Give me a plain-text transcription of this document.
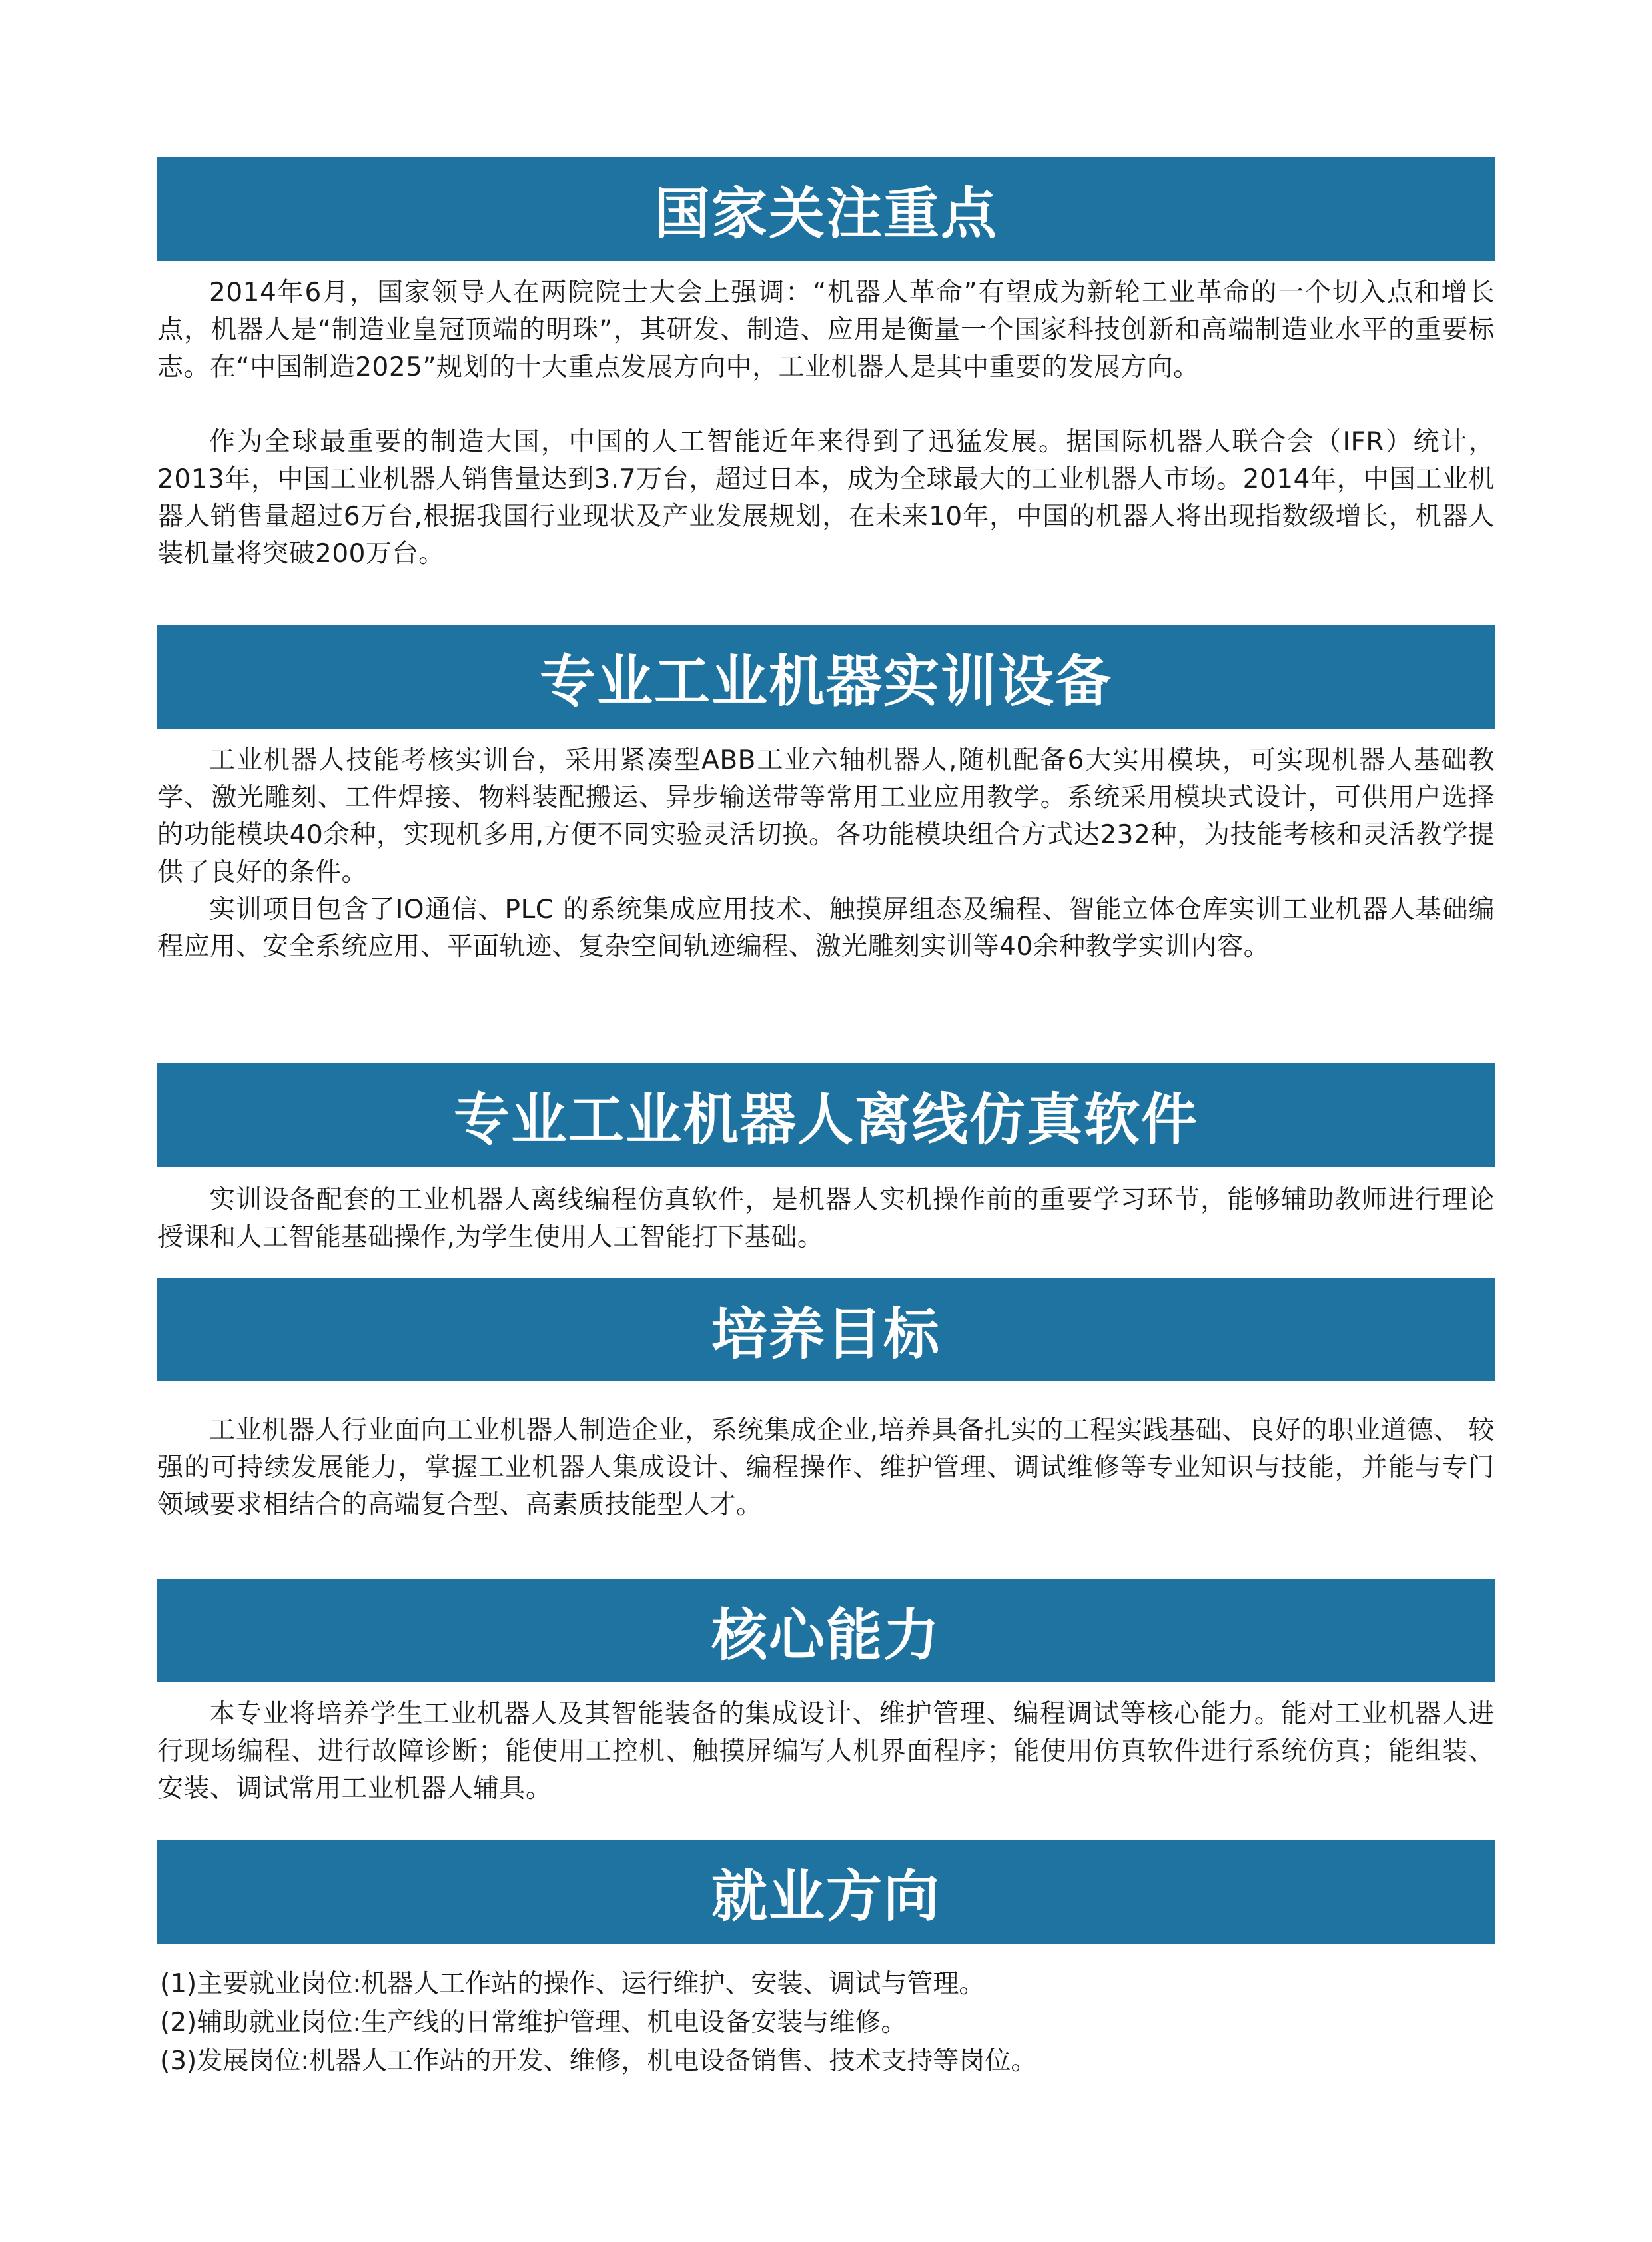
国家关注重点

2014年6月，国家领导人在两院院士大会上强调：“机器人革命”有望成为新轮工业革命的一个切入点和增长点，机器人是“制造业皇冠顶端的明珠”，其研发、制造、应用是衡量一个国家科技创新和高端制造业水平的重要标志。在“中国制造2025”规划的十大重点发展方向中，工业机器人是其中重要的发展方向。

作为全球最重要的制造大国，中国的人工智能近年来得到了迅猛发展。据国际机器人联合会（IFR）统计，2013年，中国工业机器人销售量达到3.7万台，超过日本，成为全球最大的工业机器人市场。2014年，中国工业机器人销售量超过6万台,根据我国行业现状及产业发展规划，在未来10年，中国的机器人将出现指数级增长，机器人装机量将突破200万台。

专业工业机器实训设备

工业机器人技能考核实训台，采用紧凑型ABB工业六轴机器人,随机配备6大实用模块，可实现机器人基础教学、激光雕刻、工件焊接、物料装配搬运、异步输送带等常用工业应用教学。系统采用模块式设计，可供用户选择的功能模块40余种，实现机多用,方便不同实验灵活切换。各功能模块组合方式达232种，为技能考核和灵活教学提供了良好的条件。

实训项目包含了IO通信、PLC 的系统集成应用技术、触摸屏组态及编程、智能立体仓库实训工业机器人基础编程应用、安全系统应用、平面轨迹、复杂空间轨迹编程、激光雕刻实训等40余种教学实训内容。

专业工业机器人离线仿真软件

实训设备配套的工业机器人离线编程仿真软件，是机器人实机操作前的重要学习环节，能够辅助教师进行理论授课和人工智能基础操作,为学生使用人工智能打下基础。

培养目标

工业机器人行业面向工业机器人制造企业，系统集成企业,培养具备扎实的工程实践基础、良好的职业道德、 较强的可持续发展能力，掌握工业机器人集成设计、编程操作、维护管理、调试维修等专业知识与技能，并能与专门领域要求相结合的高端复合型、高素质技能型人才。

核心能力

本专业将培养学生工业机器人及其智能装备的集成设计、维护管理、编程调试等核心能力。能对工业机器人进行现场编程、进行故障诊断；能使用工控机、触摸屏编写人机界面程序；能使用仿真软件进行系统仿真；能组装、安装、调试常用工业机器人辅具。

就业方向

(1)主要就业岗位:机器人工作站的操作、运行维护、安装、调试与管理。

(2)辅助就业岗位:生产线的日常维护管理、机电设备安装与维修。

(3)发展岗位:机器人工作站的开发、维修，机电设备销售、技术支持等岗位。
